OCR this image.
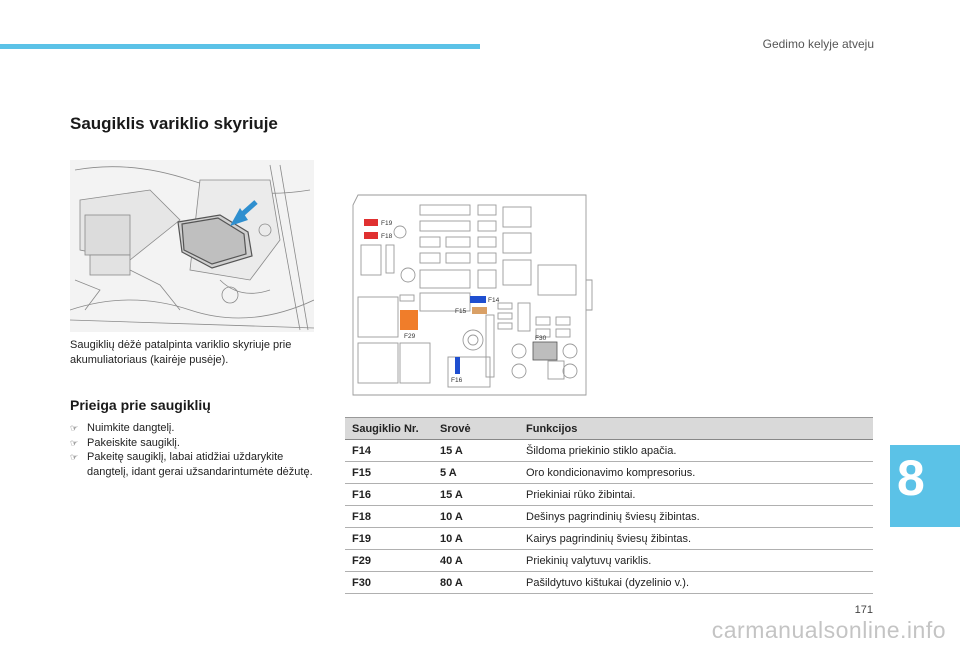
Gedimo kelyje atveju
Saugiklis variklio skyriuje
Saugiklių dėžė patalpinta variklio skyriuje prie akumuliatoriaus (kairėje pusėje).
Prieiga prie saugiklių
☞ Nuimkite dangtelį.
☞ Pakeiskite saugiklį.
☞ Pakeitę saugiklį, labai atidžiai uždarykite dangtelį, idant gerai užsandarintumėte dėžutę.
F19
F18
F14
F15
F29	F30
F16
Saugiklio Nr.	Srovė	Funkcijos
F14	15 A	Šildoma priekinio stiklo apačia.
F15	5 A	Oro kondicionavimo kompresorius.
F16	15 A	Priekiniai rūko žibintai.
F18	10 A	Dešinys pagrindinių šviesų žibintas.
F19	10 A	Kairys pagrindinių šviesų žibintas.
F29	40 A	Priekinių valytuvų variklis.
F30	80 A	Pašildytuvo kištukai (dyzelinio v.).
8
171
carmanualsonline.info
